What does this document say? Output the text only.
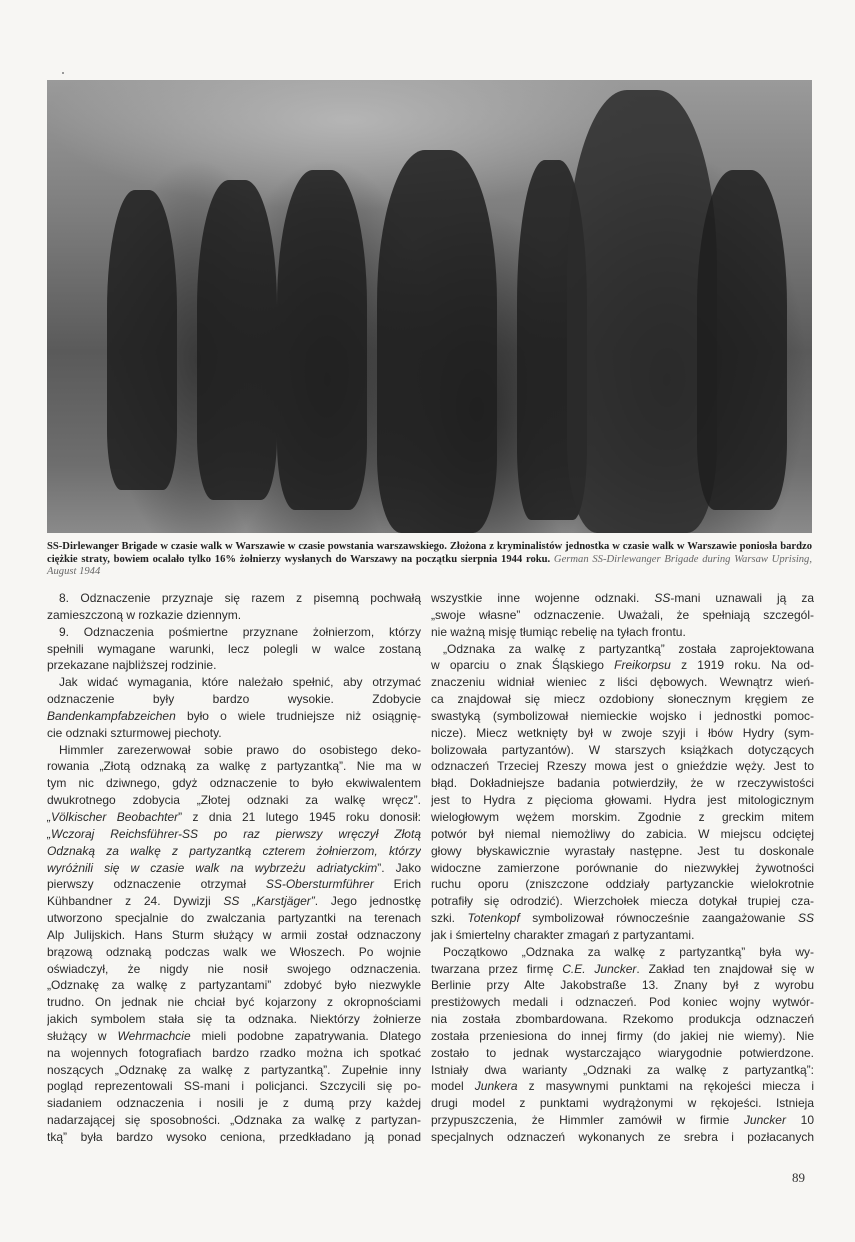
SS-Dirlewanger Brigade w czasie walk w Warszawie w czasie powstania warszawskiego. Złożona z kryminalistów jednostka w czasie walk w Warszawie poniosła bardzo ciężkie straty, bowiem ocalało tylko 16% żołnierzy wysłanych do Warszawy na początku sierpnia 1944 roku. German SS-Dirlewanger Brigade during Warsaw Uprising, August 1944
8. Odznaczenie przyznaje się razem z pisemną pochwałą
zamieszczoną w rozkazie dziennym.
9. Odznaczenia pośmiertne przyznane żołnierzom, którzy
spełnili wymagane warunki, lecz polegli w walce zostaną
przekazane najbliższej rodzinie.
Jak widać wymagania, które należało spełnić, aby otrzymać
odznaczenie były bardzo wysokie. Zdobycie
Bandenkampfabzeichen było o wiele trudniejsze niż osiągnię-
cie odznaki szturmowej piechoty.
Himmler zarezerwował sobie prawo do osobistego deko-
rowania „Złotą odznaką za walkę z partyzantką”. Nie ma w
tym nic dziwnego, gdyż odznaczenie to było ekwiwalentem
dwukrotnego zdobycia „Złotej odznaki za walkę wręcz”.
„Völkischer Beobachter” z dnia 21 lutego 1945 roku donosił:
„Wczoraj Reichsführer-SS po raz pierwszy wręczył Złotą
Odznaką za walkę z partyzantką czterem żołnierzom, którzy
wyróżnili się w czasie walk na wybrzeżu adriatyckim”. Jako
pierwszy odznaczenie otrzymał SS-Obersturmführer Erich
Kühbandner z 24. Dywizji SS „Karstjäger”. Jego jednostkę
utworzono specjalnie do zwalczania partyzantki na terenach
Alp Julijskich. Hans Sturm służący w armii został odznaczony
brązową odznaką podczas walk we Włoszech. Po wojnie
oświadczył, że nigdy nie nosił swojego odznaczenia.
„Odznakę za walkę z partyzantami” zdobyć było niezwykle
trudno. On jednak nie chciał być kojarzony z okropnościami
jakich symbolem stała się ta odznaka. Niektórzy żołnierze
służący w Wehrmachcie mieli podobne zapatrywania. Dlatego
na wojennych fotografiach bardzo rzadko można ich spotkać
noszących „Odznakę za walkę z partyzantką”. Zupełnie inny
pogląd reprezentowali SS-mani i policjanci. Szczycili się po-
siadaniem odznaczenia i nosili je z dumą przy każdej
nadarzającej się sposobności. „Odznaka za walkę z partyzan-
tką” była bardzo wysoko ceniona, przedkładano ją ponad
wszystkie inne wojenne odznaki. SS-mani uznawali ją za
„swoje własne” odznaczenie. Uważali, że spełniają szczegól-
nie ważną misję tłumiąc rebelię na tyłach frontu.
„Odznaka za walkę z partyzantką” została zaprojektowana
w oparciu o znak Śląskiego Freikorpsu z 1919 roku. Na od-
znaczeniu widniał wieniec z liści dębowych. Wewnątrz wień-
ca znajdował się miecz ozdobiony słonecznym kręgiem ze
swastyką (symbolizował niemieckie wojsko i jednostki pomoc-
nicze). Miecz wetknięty był w zwoje szyji i łbów Hydry (sym-
bolizowała partyzantów). W starszych książkach dotyczących
odznaczeń Trzeciej Rzeszy mowa jest o gnieździe węży. Jest to
błąd. Dokładniejsze badania potwierdziły, że w rzeczywistości
jest to Hydra z pięcioma głowami. Hydra jest mitologicznym
wielogłowym wężem morskim. Zgodnie z greckim mitem
potwór był niemal niemożliwy do zabicia. W miejscu odciętej
głowy błyskawicznie wyrastały następne. Jest tu doskonale
widoczne zamierzone porównanie do niezwykłej żywotności
ruchu oporu (zniszczone oddziały partyzanckie wielokrotnie
potrafiły się odrodzić). Wierzchołek miecza dotykał trupiej cza-
szki. Totenkopf symbolizował równocześnie zaangażowanie SS
jak i śmiertelny charakter zmagań z partyzantami.
Początkowo „Odznaka za walkę z partyzantką” była wy-
twarzana przez firmę C.E. Juncker. Zakład ten znajdował się w
Berlinie przy Alte Jakobstraße 13. Znany był z wyrobu
prestiżowych medali i odznaczeń. Pod koniec wojny wytwór-
nia została zbombardowana. Rzekomo produkcja odznaczeń
została przeniesiona do innej firmy (do jakiej nie wiemy). Nie
zostało to jednak wystarczająco wiarygodnie potwierdzone.
Istniały dwa warianty „Odznaki za walkę z partyzantką”:
model Junkera z masywnymi punktami na rękojeści miecza i
drugi model z punktami wydrążonymi w rękojeści. Istnieja
przypuszczenia, że Himmler zamówił w firmie Juncker 10
specjalnych odznaczeń wykonanych ze srebra i pozłacanych
89
